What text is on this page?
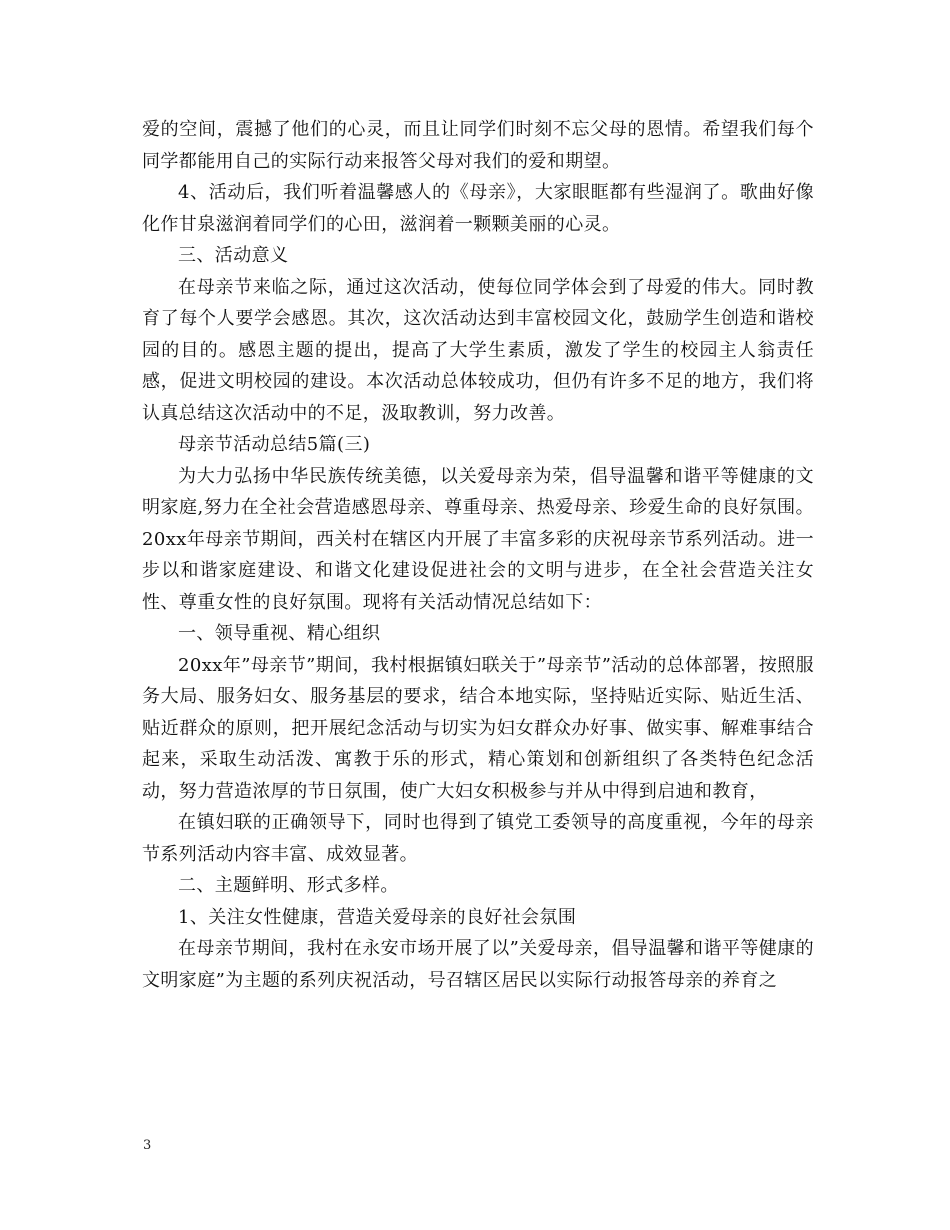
爱的空间，震撼了他们的心灵，而且让同学们时刻不忘父母的恩情。希望我们每个同学都能用自己的实际行动来报答父母对我们的爱和期望。

4、活动后，我们听着温馨感人的《母亲》，大家眼眶都有些湿润了。歌曲好像化作甘泉滋润着同学们的心田，滋润着一颗颗美丽的心灵。

三、活动意义

在母亲节来临之际，通过这次活动，使每位同学体会到了母爱的伟大。同时教育了每个人要学会感恩。其次，这次活动达到丰富校园文化，鼓励学生创造和谐校园的目的。感恩主题的提出，提高了大学生素质，激发了学生的校园主人翁责任感，促进文明校园的建设。本次活动总体较成功，但仍有许多不足的地方，我们将认真总结这次活动中的不足，汲取教训，努力改善。

母亲节活动总结5篇(三)

为大力弘扬中华民族传统美德，以关爱母亲为荣，倡导温馨和谐平等健康的文明家庭,努力在全社会营造感恩母亲、尊重母亲、热爱母亲、珍爱生命的良好氛围。20xx年母亲节期间，西关村在辖区内开展了丰富多彩的庆祝母亲节系列活动。进一步以和谐家庭建设、和谐文化建设促进社会的文明与进步，在全社会营造关注女性、尊重女性的良好氛围。现将有关活动情况总结如下：

一、领导重视、精心组织

20xx年”母亲节”期间，我村根据镇妇联关于”母亲节”活动的总体部署，按照服务大局、服务妇女、服务基层的要求，结合本地实际，坚持贴近实际、贴近生活、贴近群众的原则，把开展纪念活动与切实为妇女群众办好事、做实事、解难事结合起来，采取生动活泼、寓教于乐的形式，精心策划和创新组织了各类特色纪念活动，努力营造浓厚的节日氛围，使广大妇女积极参与并从中得到启迪和教育，

在镇妇联的正确领导下，同时也得到了镇党工委领导的高度重视，今年的母亲节系列活动内容丰富、成效显著。

二、主题鲜明、形式多样。

1、关注女性健康，营造关爱母亲的良好社会氛围

在母亲节期间，我村在永安市场开展了以”关爱母亲，倡导温馨和谐平等健康的文明家庭”为主题的系列庆祝活动，号召辖区居民以实际行动报答母亲的养育之

3
